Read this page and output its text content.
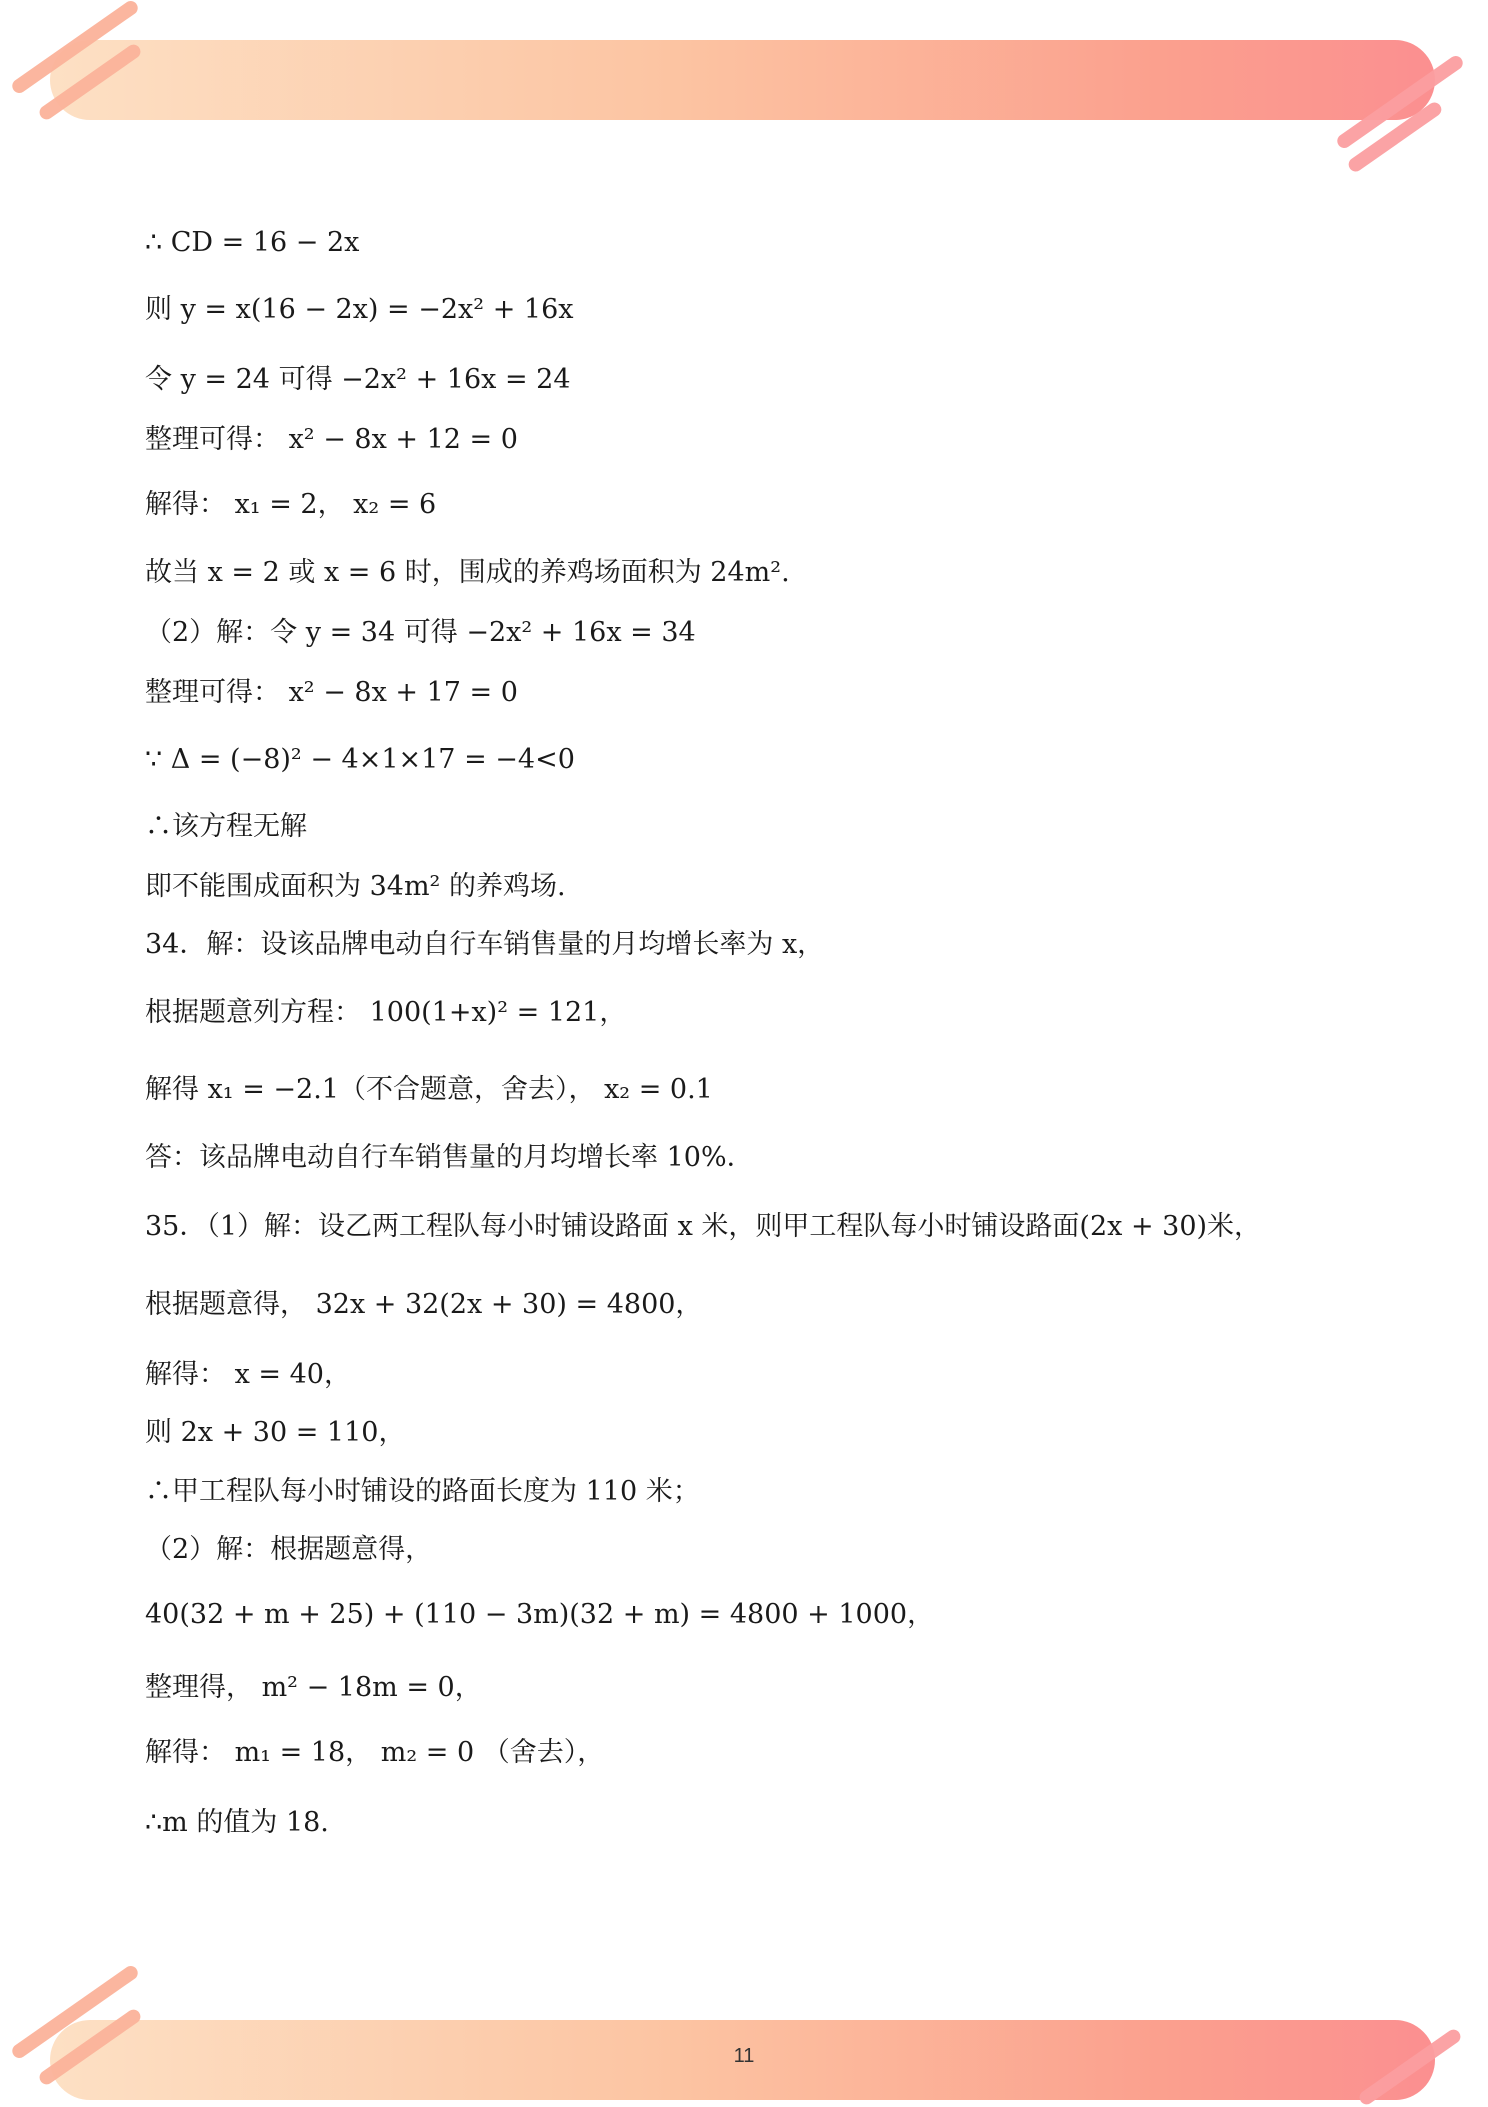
∴ CD = 16 − 2x
则 y = x(16 − 2x) = −2x² + 16x
令 y = 24 可得 −2x² + 16x = 24
整理可得： x² − 8x + 12 = 0
解得： x₁ = 2， x₂ = 6
故当 x = 2 或 x = 6 时，围成的养鸡场面积为 24m².
（2）解：令 y = 34 可得 −2x² + 16x = 34
整理可得： x² − 8x + 17 = 0
∵ Δ = (−8)² − 4×1×17 = −4<0
∴该方程无解
即不能围成面积为 34m² 的养鸡场.
34．解：设该品牌电动自行车销售量的月均增长率为 x，
根据题意列方程： 100(1+x)² = 121，
解得 x₁ = −2.1（不合题意，舍去）， x₂ = 0.1
答：该品牌电动自行车销售量的月均增长率 10%．
35．（1）解：设乙两工程队每小时铺设路面 x 米，则甲工程队每小时铺设路面(2x + 30)米，
根据题意得， 32x + 32(2x + 30) = 4800，
解得： x = 40，
则 2x + 30 = 110，
∴甲工程队每小时铺设的路面长度为 110 米；
（2）解：根据题意得，
40(32 + m + 25) + (110 − 3m)(32 + m) = 4800 + 1000，
整理得， m² − 18m = 0，
解得： m₁ = 18， m₂ = 0 （舍去），
∴m 的值为 18.
11
